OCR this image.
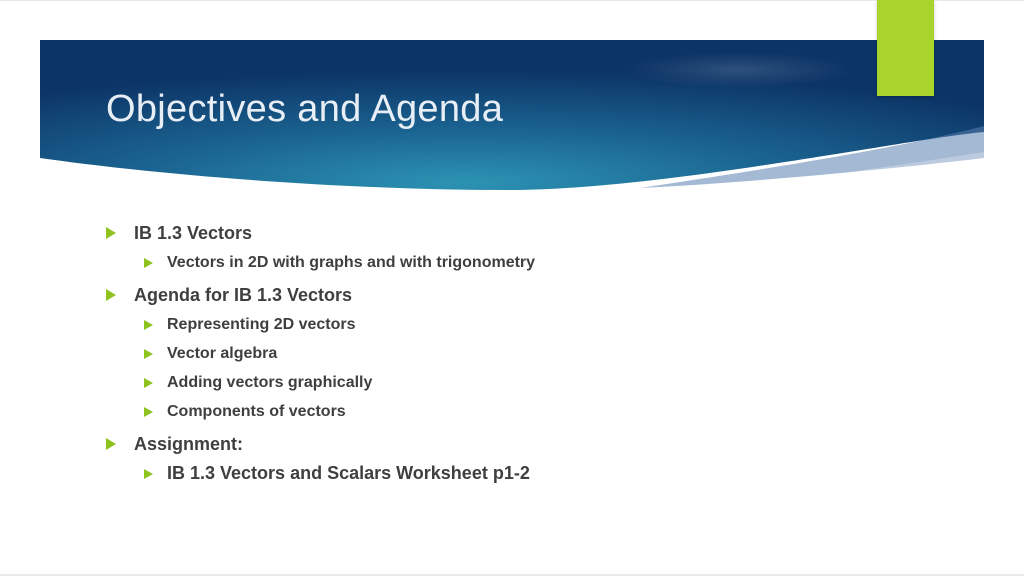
Objectives and Agenda
IB 1.3 Vectors
Vectors in 2D with graphs and with trigonometry
Agenda for IB 1.3 Vectors
Representing 2D vectors
Vector algebra
Adding vectors graphically
Components of vectors
Assignment:
IB 1.3 Vectors and Scalars Worksheet p1-2
